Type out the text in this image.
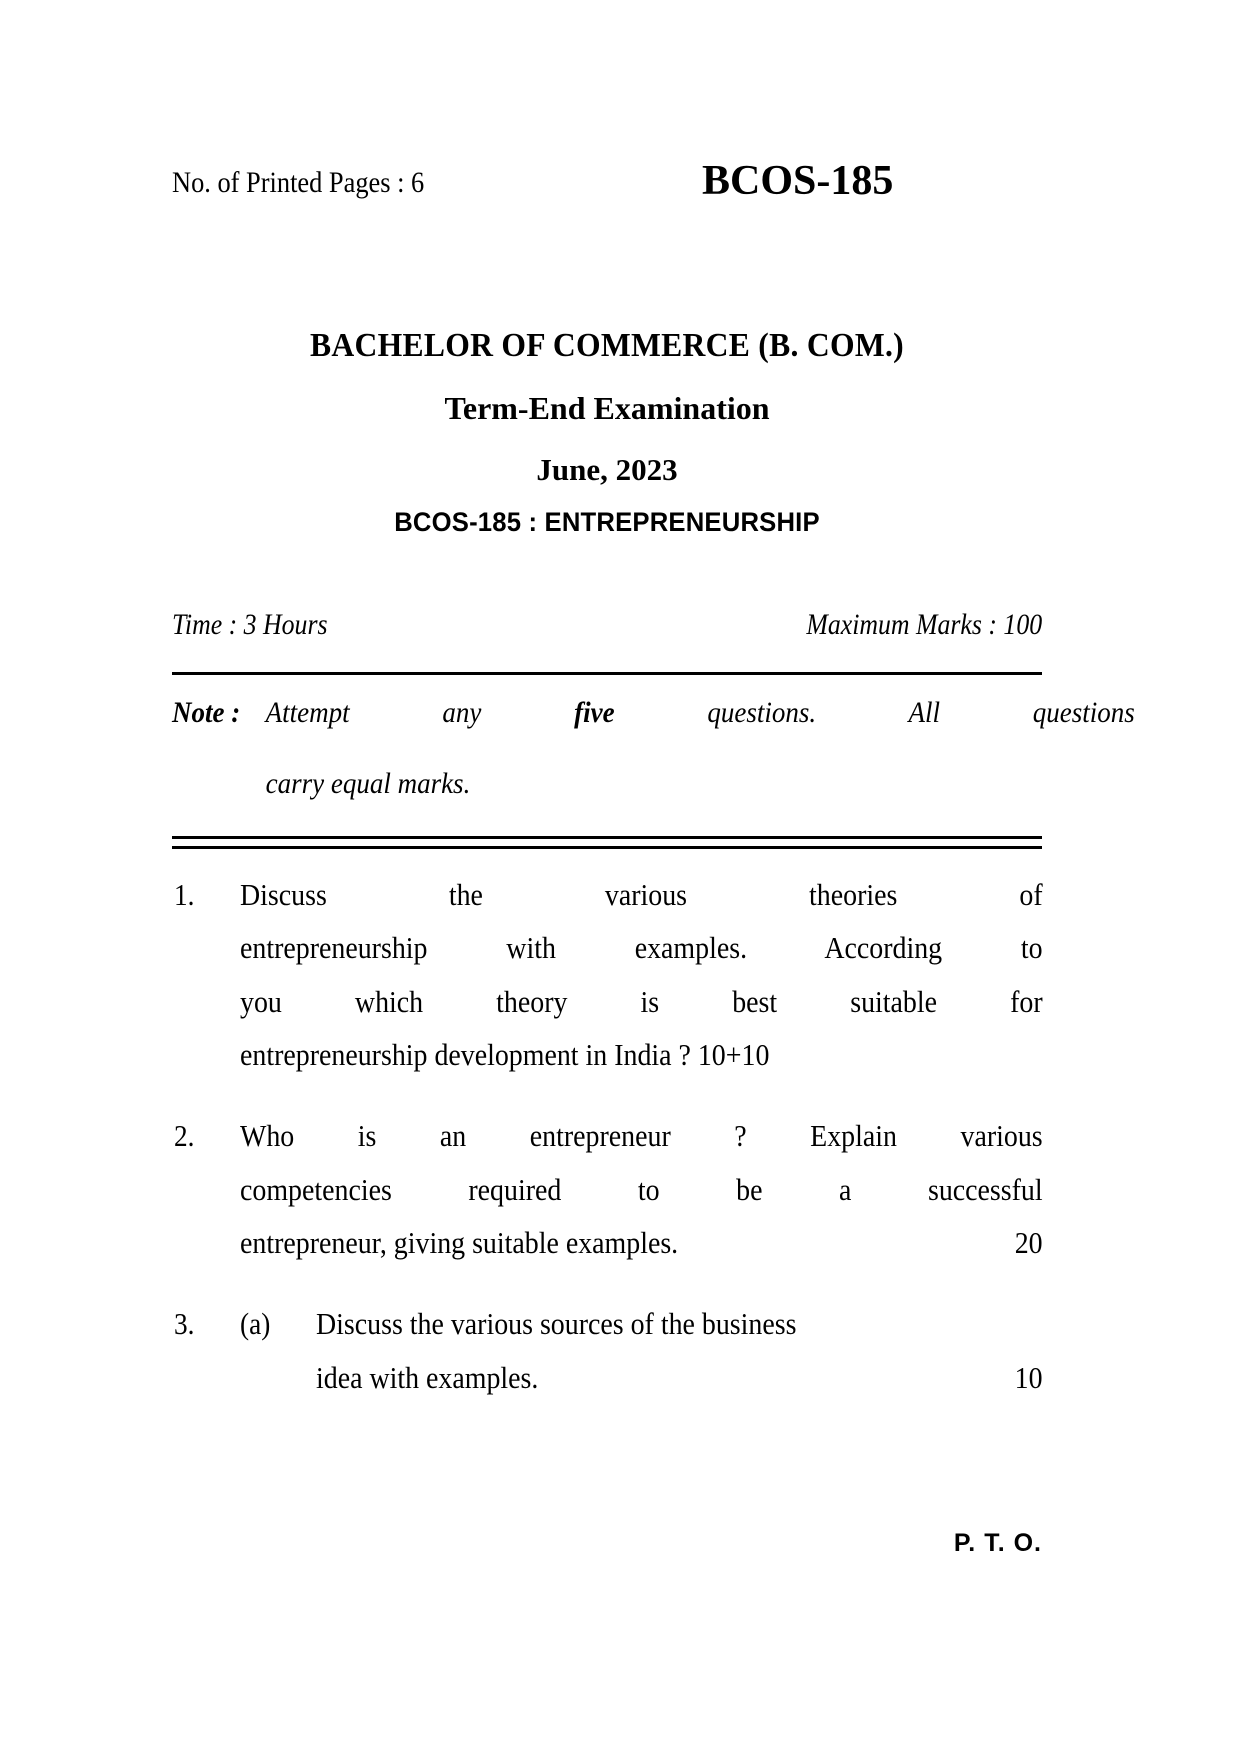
No. of Printed Pages : 6	BCOS-185
BACHELOR OF COMMERCE (B. COM.)
Term-End Examination
June, 2023
BCOS-185 : ENTREPRENEURSHIP
Time : 3 Hours	Maximum Marks : 100
Note : Attempt	any	five	questions.	All	questions
carry equal marks.
1.	Discuss the various theories of
entrepreneurship with examples. According to
you which theory is best suitable for
entrepreneurship development in India ? 10+10
2.	Who is an entrepreneur ? Explain various
competencies required to be a successful
20
entrepreneur, giving suitable examples.
3.	(a) Discuss the various sources of the business
10
idea with examples.
P. T. O.
